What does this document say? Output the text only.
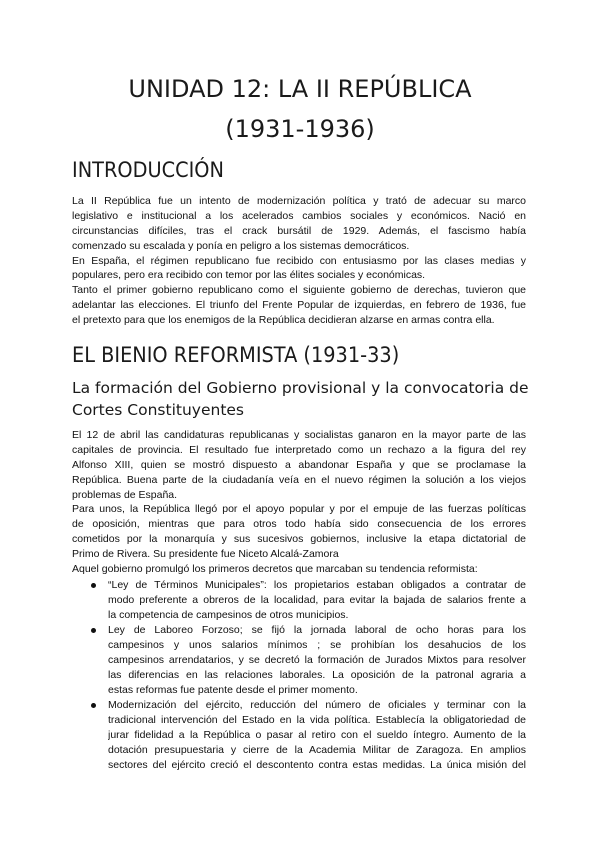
UNIDAD 12: LA II REPÚBLICA
(1931-1936)
INTRODUCCIÓN
La II República fue un intento de modernización política y trató de adecuar su marco
legislativo e institucional a los acelerados cambios sociales y económicos. Nació en
circunstancias difíciles, tras el crack bursátil de 1929. Además, el fascismo había
comenzado su escalada y ponía en peligro a los sistemas democráticos.
En España, el régimen republicano fue recibido con entusiasmo por las clases medias y
populares, pero era recibido con temor por las élites sociales y económicas.
Tanto el primer gobierno republicano como el siguiente gobierno de derechas, tuvieron que
adelantar las elecciones. El triunfo del Frente Popular de izquierdas, en febrero de 1936, fue
el pretexto para que los enemigos de la República decidieran alzarse en armas contra ella.
EL BIENIO REFORMISTA (1931-33)
La formación del Gobierno provisional y la convocatoria de
Cortes Constituyentes
El 12 de abril las candidaturas republicanas y socialistas ganaron en la mayor parte de las
capitales de provincia. El resultado fue interpretado como un rechazo a la figura del rey
Alfonso XIII, quien se mostró dispuesto a abandonar España y que se proclamase la
República. Buena parte de la ciudadanía veía en el nuevo régimen la solución a los viejos
problemas de España.
Para unos, la República llegó por el apoyo popular y por el empuje de las fuerzas políticas
de oposición, mientras que para otros todo había sido consecuencia de los errores
cometidos por la monarquía y sus sucesivos gobiernos, inclusive la etapa dictatorial de
Primo de Rivera. Su presidente fue Niceto Alcalá-Zamora
Aquel gobierno promulgó los primeros decretos que marcaban su tendencia reformista:
“Ley de Términos Municipales”: los propietarios estaban obligados a contratar de
modo preferente a obreros de la localidad, para evitar la bajada de salarios frente a
la competencia de campesinos de otros municipios.
Ley de Laboreo Forzoso; se fijó la jornada laboral de ocho horas para los
campesinos y unos salarios mínimos ; se prohibían los desahucios de los
campesinos arrendatarios, y se decretó la formación de Jurados Mixtos para resolver
las diferencias en las relaciones laborales. La oposición de la patronal agraria a
estas reformas fue patente desde el primer momento.
Modernización del ejército, reducción del número de oficiales y terminar con la
tradicional intervención del Estado en la vida política. Establecía la obligatoriedad de
jurar fidelidad a la República o pasar al retiro con el sueldo íntegro. Aumento de la
dotación presupuestaria y cierre de la Academia Militar de Zaragoza. En amplios
sectores del ejército creció el descontento contra estas medidas. La única misión del
